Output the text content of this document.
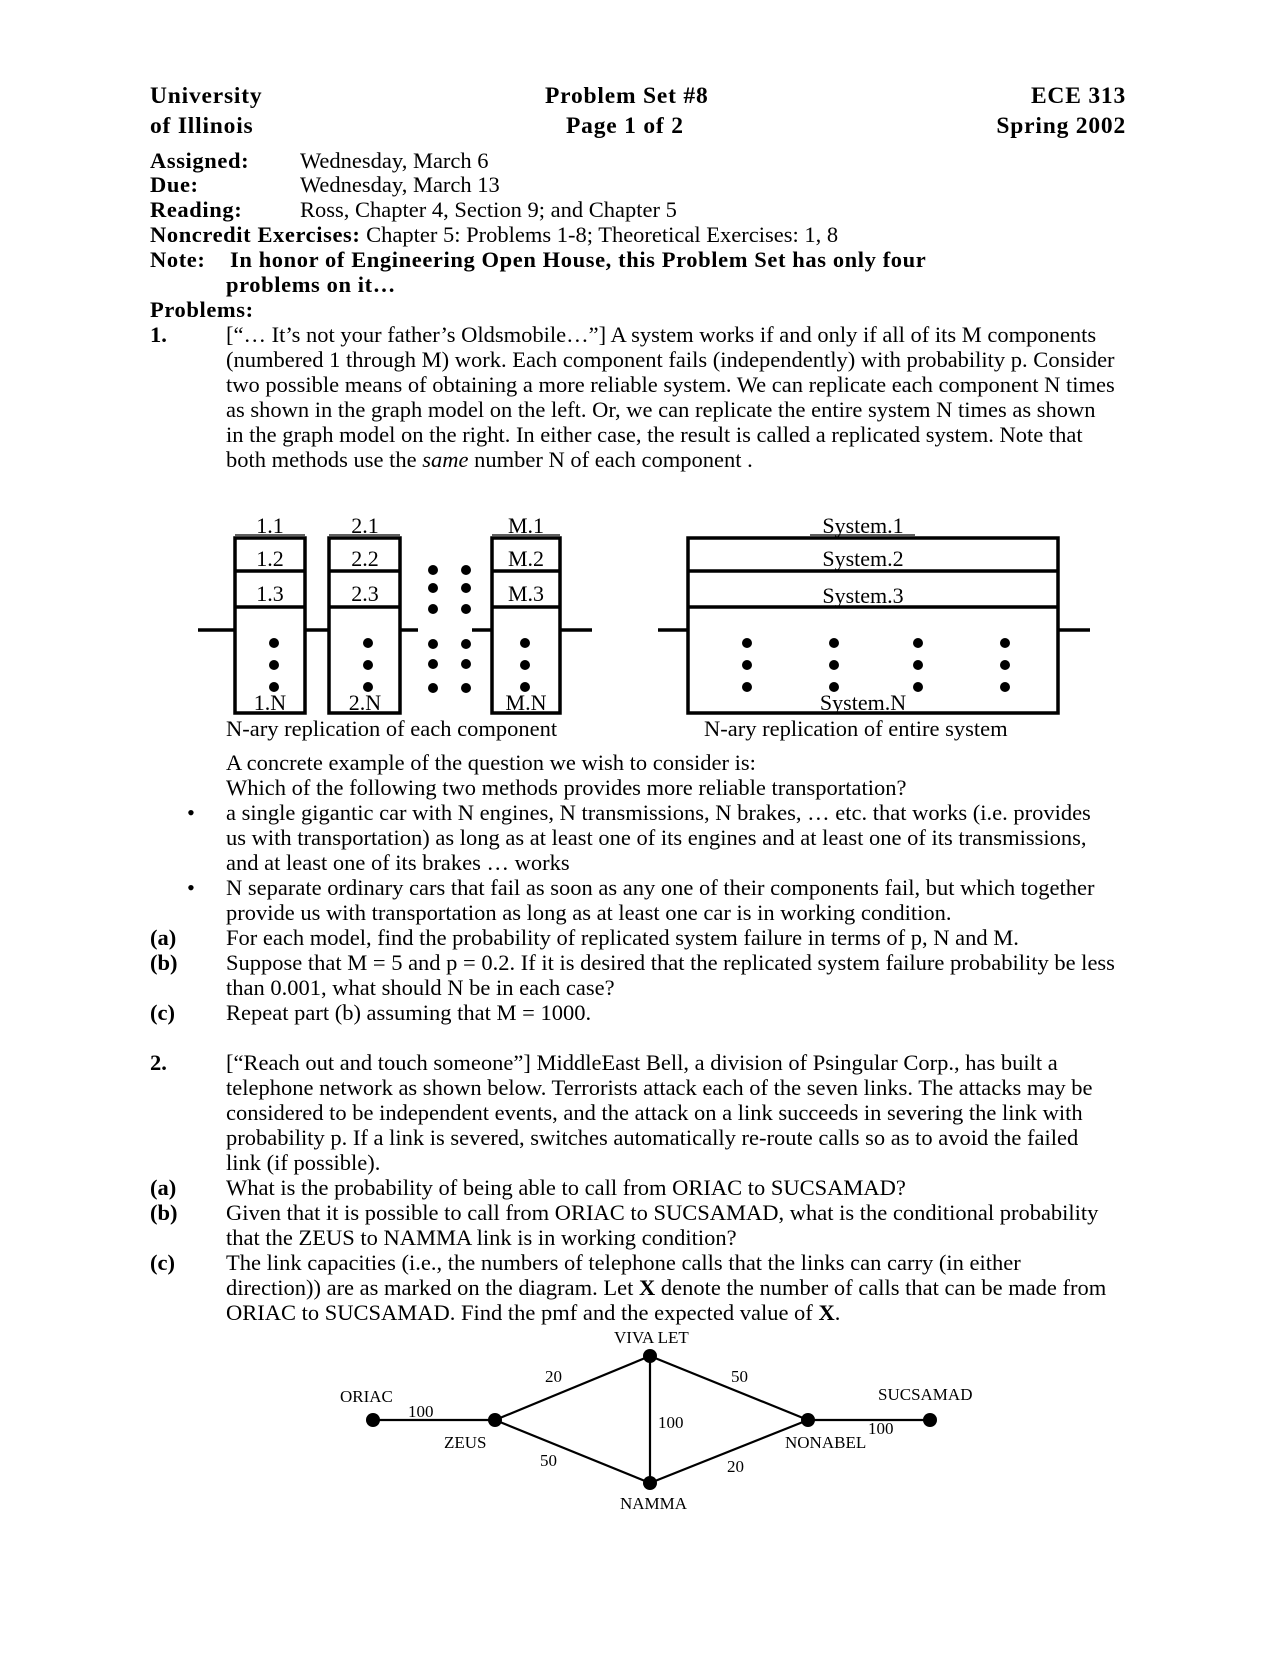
University
of Illinois
Problem Set #8
Page 1 of 2
ECE 313
Spring 2002
Assigned: Wednesday, March 6
Due:	Wednesday, March 13
Reading:	Ross, Chapter 4, Section 9; and Chapter 5
Noncredit Exercises: Chapter 5: Problems 1-8; Theoretical Exercises: 1, 8
Note: In honor of Engineering Open House, this Problem Set has only four
problems on it…
Problems:
1.	[“… It’s not your father’s Oldsmobile…”] A system works if and only if all of its M components (numbered 1 through M) work. Each component fails (independently) with probability p. Consider two possible means of obtaining a more reliable system. We can replicate each component N times as shown in the graph model on the left. Or, we can replicate the entire system N times as shown in the graph model on the right. In either case, the result is called a replicated system. Note that both methods use the same number N of each component .
1.1
1.2
1.3
1.N
2.1
2.2
2.3
2.N
M.1
M.2
M.3
M.N
System.1
System.2
System.3
System.N
N-ary replication of each component	N-ary replication of entire system
A concrete example of the question we wish to consider is:
Which of the following two methods provides more reliable transportation?
• a single gigantic car with N engines, N transmissions, N brakes, … etc. that works (i.e. provides us with transportation) as long as at least one of its engines and at least one of its transmissions, and at least one of its brakes … works
• N separate ordinary cars that fail as soon as any one of their components fail, but which together provide us with transportation as long as at least one car is in working condition.
(a) For each model, find the probability of replicated system failure in terms of p, N and M.
(b) Suppose that M = 5 and p = 0.2. If it is desired that the replicated system failure probability be less than 0.001, what should N be in each case?
(c) Repeat part (b) assuming that M = 1000.
2.	[“Reach out and touch someone”] MiddleEast Bell, a division of Psingular Corp., has built a telephone network as shown below. Terrorists attack each of the seven links. The attacks may be considered to be independent events, and the attack on a link succeeds in severing the link with probability p. If a link is severed, switches automatically re-route calls so as to avoid the failed link (if possible).
(a) What is the probability of being able to call from ORIAC to SUCSAMAD?
(b) Given that it is possible to call from ORIAC to SUCSAMAD, what is the conditional probability that the ZEUS to NAMMA link is in working condition?
(c) The link capacities (i.e., the numbers of telephone calls that the links can carry (in either direction)) are as marked on the diagram. Let X denote the number of calls that can be made from ORIAC to SUCSAMAD. Find the pmf and the expected value of X.
ORIAC
ZEUS
VIVA LET
NAMMA
NONABEL
SUCSAMAD
100
20
50
100
50
20
100
